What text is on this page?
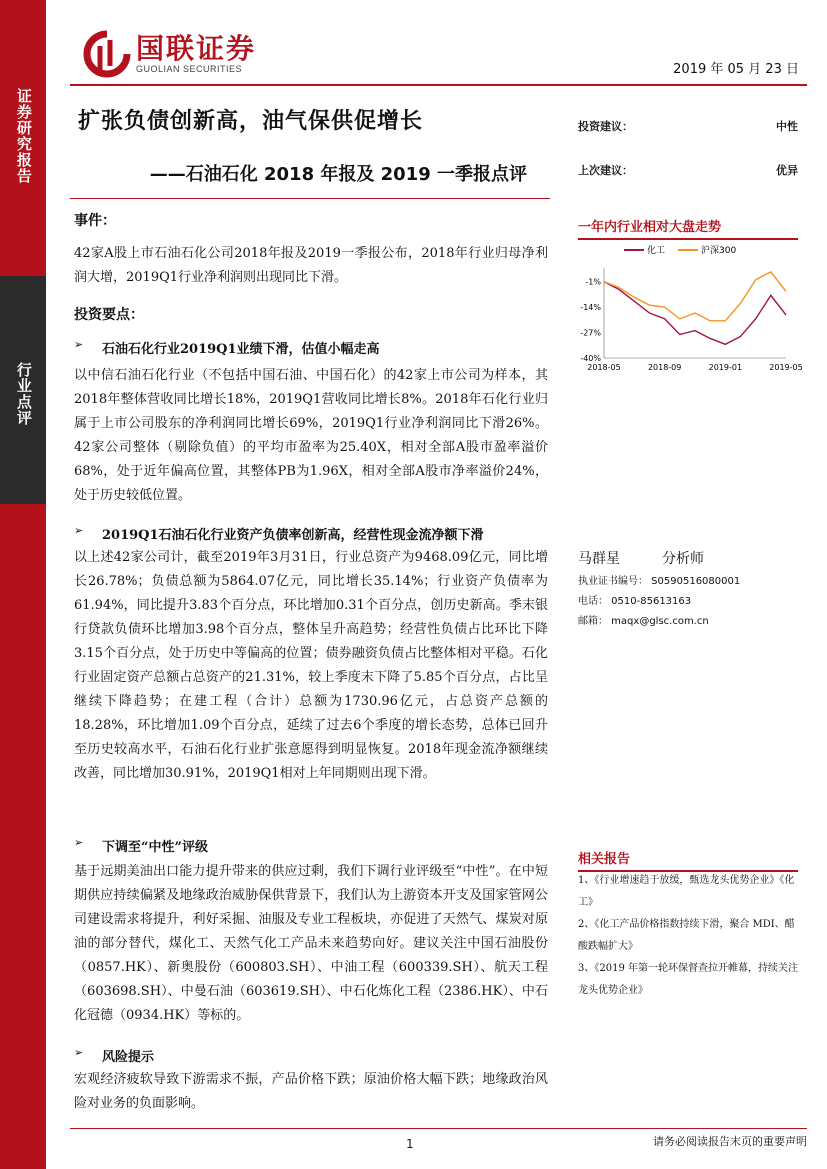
证券研究报告
行业点评
国联证券
GUOLIAN SECURITIES	2019 年 05 月 23 日
扩张负债创新高，油气保供促增长
——石油石化 2018 年报及 2019 一季报点评
事件：
42家A股上市石油石化公司2018年报及2019一季报公布，2018年行业归母净利润大增，2019Q1行业净利润则出现同比下滑。
投资要点：
➢	石油石化行业2019Q1业绩下滑，估值小幅走高
以中信石油石化行业（不包括中国石油、中国石化）的42家上市公司为样本，其2018年整体营收同比增长18%，2019Q1营收同比增长8%。2018年石化行业归属于上市公司股东的净利润同比增长69%，2019Q1行业净利润同比下滑26%。42家公司整体（剔除负值）的平均市盈率为25.40X，相对全部A股市盈率溢价68%，处于近年偏高位置，其整体PB为1.96X，相对全部A股市净率溢价24%，处于历史较低位置。
➢	2019Q1石油石化行业资产负债率创新高，经营性现金流净额下滑
以上述42家公司计，截至2019年3月31日，行业总资产为9468.09亿元，同比增长26.78%；负债总额为5864.07亿元，同比增长35.14%；行业资产负债率为61.94%，同比提升3.83个百分点，环比增加0.31个百分点，创历史新高。季末银行贷款负债环比增加3.98个百分点，整体呈升高趋势；经营性负债占比环比下降3.15个百分点，处于历史中等偏高的位置；债券融资负债占比整体相对平稳。石化行业固定资产总额占总资产的21.31%，较上季度末下降了5.85个百分点，占比呈继续下降趋势；在建工程（合计）总额为1730.96亿元，占总资产总额的18.28%，环比增加1.09个百分点，延续了过去6个季度的增长态势，总体已回升至历史较高水平，石油石化行业扩张意愿得到明显恢复。2018年现金流净额继续改善，同比增加30.91%，2019Q1相对上年同期则出现下滑。
➢	下调至“中性”评级
基于远期美油出口能力提升带来的供应过剩，我们下调行业评级至“中性”。在中短期供应持续偏紧及地缘政治威胁保供背景下，我们认为上游资本开支及国家管网公司建设需求将提升，利好采掘、油服及专业工程板块，亦促进了天然气、煤炭对原油的部分替代，煤化工、天然气化工产品未来趋势向好。建议关注中国石油股份（0857.HK）、新奥股份（600803.SH）、中油工程（600339.SH）、航天工程（603698.SH）、中曼石油（603619.SH）、中石化炼化工程（2386.HK）、中石化冠德（0934.HK）等标的。
➢	风险提示
宏观经济疲软导致下游需求不振，产品价格下跌；原油价格大幅下跌；地缘政治风险对业务的负面影响。
投资建议：	中性
上次建议：	优异
一年内行业相对大盘走势
化工	沪深300
-1%
-14%
-27%
-40%
2018-05	2018-09	2019-01	2019-05
马群星	分析师
执业证书编号： S0590516080001
电话： 0510-85613163
邮箱： maqx@glsc.com.cn
相关报告
1、《行业增速趋于放缓，甄选龙头优势企业》《化工》
2、《化工产品价格指数持续下滑，聚合 MDI、醋酸跌幅扩大》
3、《2019 年第一轮环保督查拉开帷幕，持续关注龙头优势企业》
1	请务必阅读报告末页的重要声明
